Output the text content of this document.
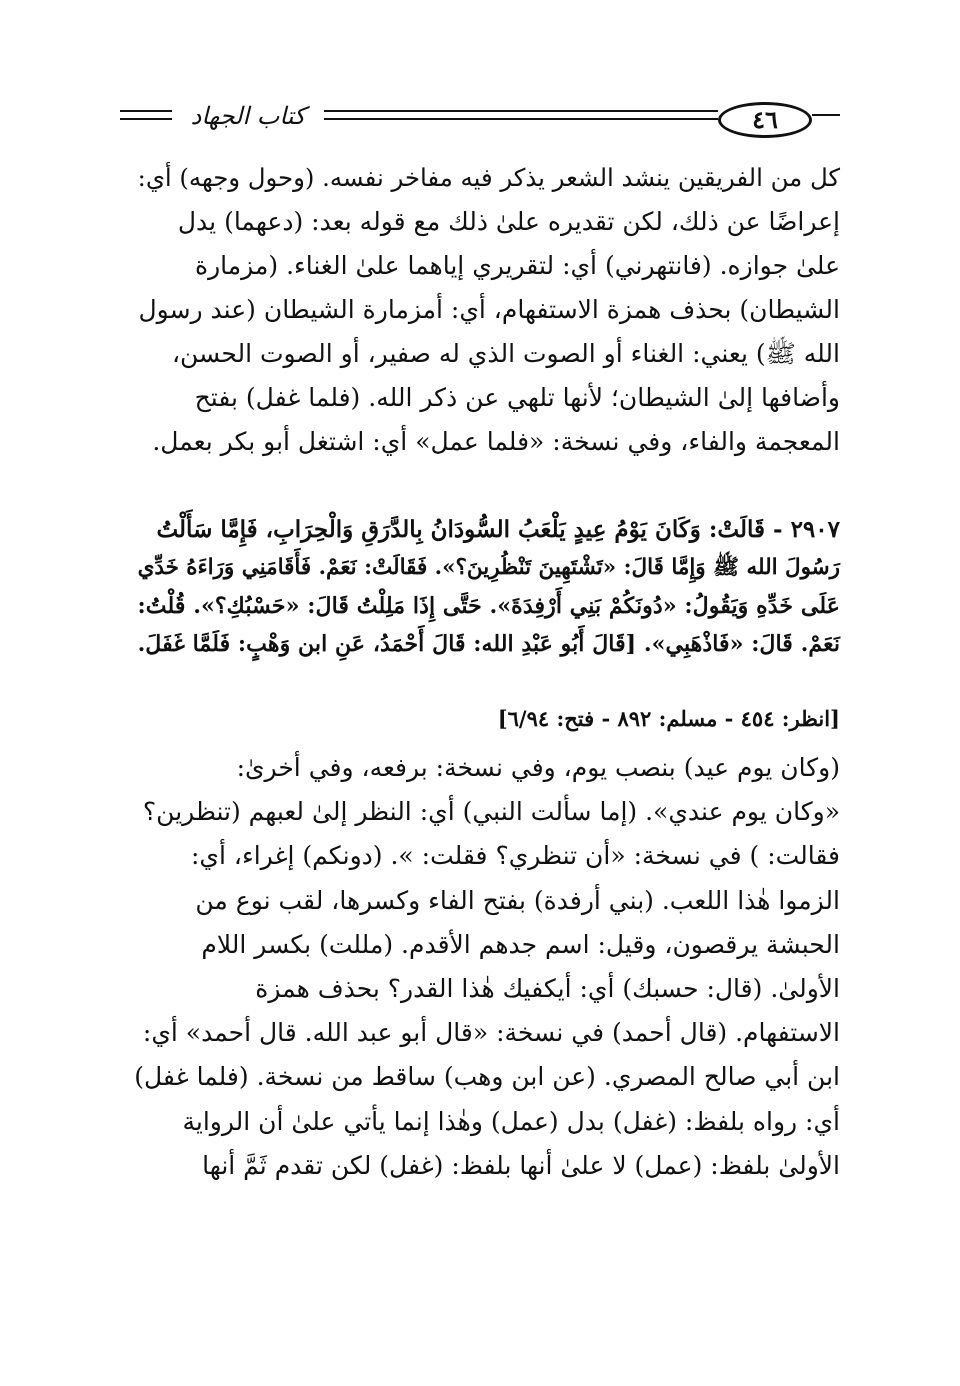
كتاب الجهاد	٤٦
كل من الفريقين ينشد الشعر يذكر فيه مفاخر نفسه. (وحول وجهه) أي:
إعراضًا عن ذلك، لكن تقديره علىٰ ذلك مع قوله بعد: (دعهما) يدل
علىٰ جوازه. (فانتهرني) أي: لتقريري إياهما علىٰ الغناء. (مزمارة
الشيطان) بحذف همزة الاستفهام، أي: أمزمارة الشيطان (عند رسول
الله ﷺ) يعني: الغناء أو الصوت الذي له صفير، أو الصوت الحسن،
وأضافها إلىٰ الشيطان؛ لأنها تلهي عن ذكر الله. (فلما غفل) بفتح
المعجمة والفاء، وفي نسخة: «فلما عمل» أي: اشتغل أبو بكر بعمل.
٢٩٠٧ - قَالَتْ: وَكَانَ يَوْمُ عِيدٍ يَلْعَبُ السُّودَانُ بِالدَّرَقِ وَالْحِرَابِ، فَإِمَّا سَأَلْتُ
رَسُولَ الله ﷺ وَإِمَّا قَالَ: «تَشْتَهِينَ تَنْظُرِينَ؟». فَقَالَتْ: نَعَمْ. فَأَقَامَنِي وَرَاءَهُ خَدِّي
عَلَى خَدِّهِ وَيَقُولُ: «دُونَكُمْ بَنِي أَرْفِدَةَ». حَتَّى إِذَا مَلِلْتُ قَالَ: «حَسْبُكِ؟». قُلْتُ:
نَعَمْ. قَالَ: «فَاذْهَبِي». [قَالَ أَبُو عَبْدِ الله: قَالَ أَحْمَدُ، عَنِ ابن وَهْبٍ: فَلَمَّا غَفَلَ.
[انظر: ٤٥٤ - مسلم: ٨٩٢ - فتح: ٦/٩٤]
(وكان يوم عيد) بنصب يوم، وفي نسخة: برفعه، وفي أخرىٰ:
«وكان يوم عندي». (إما سألت النبي) أي: النظر إلىٰ لعبهم (تنظرين؟
فقالت: ) في نسخة: «أن تنظري؟ فقلت: ». (دونكم) إغراء، أي:
الزموا هٰذا اللعب. (بني أرفدة) بفتح الفاء وكسرها، لقب نوع من
الحبشة يرقصون، وقيل: اسم جدهم الأقدم. (مللت) بكسر اللام
الأولىٰ. (قال: حسبك) أي: أيكفيك هٰذا القدر؟ بحذف همزة
الاستفهام. (قال أحمد) في نسخة: «قال أبو عبد الله. قال أحمد» أي:
ابن أبي صالح المصري. (عن ابن وهب) ساقط من نسخة. (فلما غفل)
أي: رواه بلفظ: (غفل) بدل (عمل) وهٰذا إنما يأتي علىٰ أن الرواية
الأولىٰ بلفظ: (عمل) لا علىٰ أنها بلفظ: (غفل) لكن تقدم ثَمَّ أنها
